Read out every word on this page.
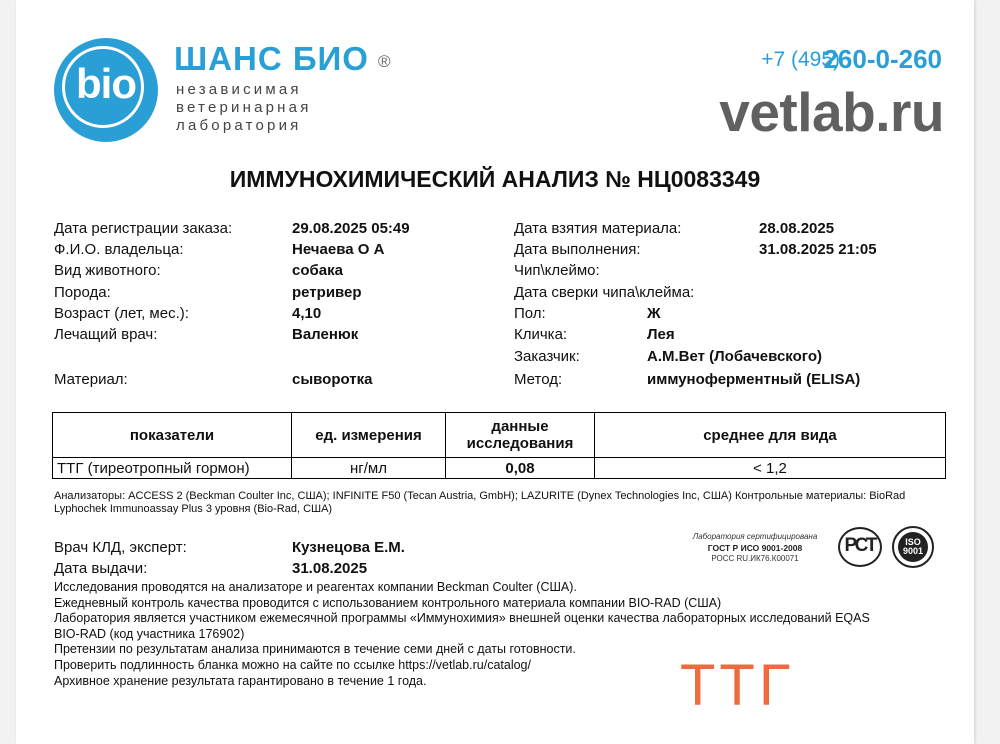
bio
ШАНС БИО ®
независимая
ветеринарная
лаборатория
+7 (495)
260-0-260
vetlab.ru
ИММУНОХИМИЧЕСКИЙ АНАЛИЗ № НЦ0083349
Дата регистрации заказа:	29.08.2025 05:49
Ф.И.О. владельца:	Нечаева О А
Вид животного:	собака
Порода:	ретривер
Возраст (лет, мес.):	4,10
Лечащий врач:	Валенюк
Материал:	сыворотка
Дата взятия материала:	28.08.2025
Дата выполнения:	31.08.2025 21:05
Чип\клеймо:
Дата сверки чипа\клейма:
Пол:	Ж
Кличка:	Лея
Заказчик:	А.М.Вет (Лобачевского)
Метод:	иммуноферментный (ELISA)
показатели	ед. измерения	данные исследования	среднее для вида
ТТГ (тиреотропный гормон)	нг/мл	0,08	< 1,2
Анализаторы: ACCESS 2 (Beckman Coulter Inc, США); INFINITE F50 (Tecan Austria, GmbH); LAZURITE (Dynex Technologies Inc, США) Контрольные материалы: BioRad Lyphochek Immunoassay Plus 3 уровня (Bio-Rad, США)
Врач КЛД, эксперт:	Кузнецова Е.М.
Дата выдачи:	31.08.2025
Лаборатория сертифицирована
ГОСТ Р ИСО 9001-2008
РОСС RU.ИК76.К00071
РСТ	ISO
9001
Исследования проводятся на анализаторе и реагентах компании Beckman Coulter (США).
Ежедневный контроль качества проводится с использованием контрольного материала компании BIO-RAD (США)
Лаборатория является участником ежемесячной программы «Иммунохимия» внешней оценки качества лабораторных исследований EQAS
BIO-RAD (код участника 176902)
Претензии по результатам анализа принимаются в течение семи дней с даты готовности.
Проверить подлинность бланка можно на сайте по ссылке https://vetlab.ru/catalog/
Архивное хранение результата гарантировано в течение 1 года.	ТТГ
